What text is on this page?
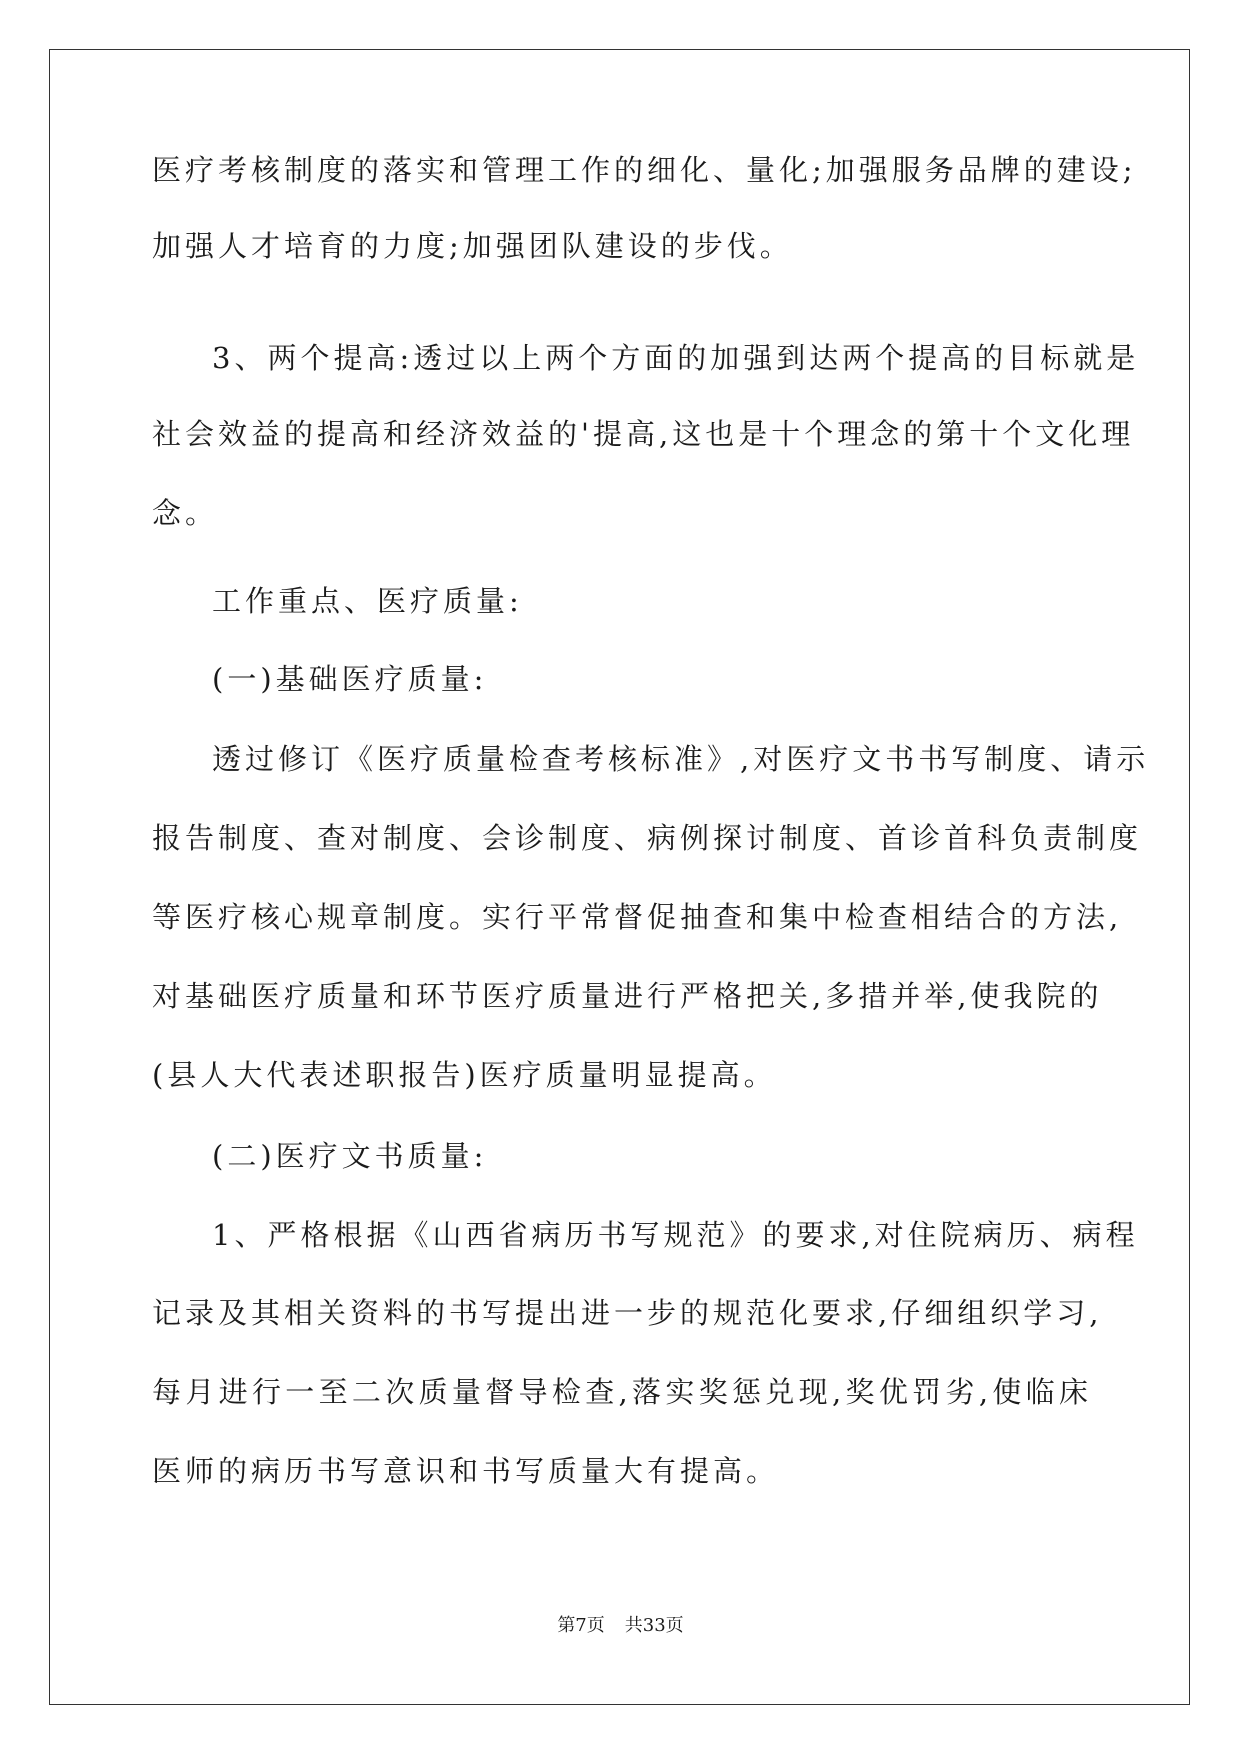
医疗考核制度的落实和管理工作的细化、量化;加强服务品牌的建设;
加强人才培育的力度;加强团队建设的步伐。
3、两个提高:透过以上两个方面的加强到达两个提高的目标就是
社会效益的提高和经济效益的'提高,这也是十个理念的第十个文化理
念。
工作重点、医疗质量:
(一)基础医疗质量:
透过修订《医疗质量检查考核标准》,对医疗文书书写制度、请示
报告制度、查对制度、会诊制度、病例探讨制度、首诊首科负责制度
等医疗核心规章制度。实行平常督促抽查和集中检查相结合的方法,
对基础医疗质量和环节医疗质量进行严格把关,多措并举,使我院的
(县人大代表述职报告)医疗质量明显提高。
(二)医疗文书质量:
1、严格根据《山西省病历书写规范》的要求,对住院病历、病程
记录及其相关资料的书写提出进一步的规范化要求,仔细组织学习,
每月进行一至二次质量督导检查,落实奖惩兑现,奖优罚劣,使临床
医师的病历书写意识和书写质量大有提高。
第7页 共33页
